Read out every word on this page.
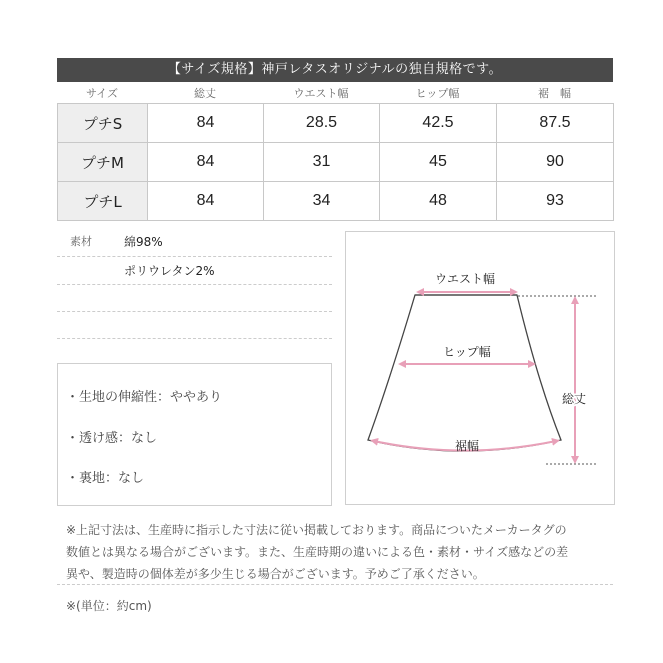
【サイズ規格】神戸レタスオリジナルの独自規格です。
サイズ	総丈	ウエスト幅	ヒップ幅	裾　幅
プチS	84	28.5	42.5	87.5
プチM	84	31	45	90
プチL	84	34	48	93
素材	綿98%
ポリウレタン2%
・生地の伸縮性：ややあり
・透け感：なし
・裏地：なし
ウエスト幅
ヒップ幅
裾幅
総丈
※上記寸法は、生産時に指示した寸法に従い掲載しております。商品についたメーカータグの
数値とは異なる場合がございます。また、生産時期の違いによる色・素材・サイズ感などの差
異や、製造時の個体差が多少生じる場合がございます。予めご了承ください。
※(単位：約cm)
